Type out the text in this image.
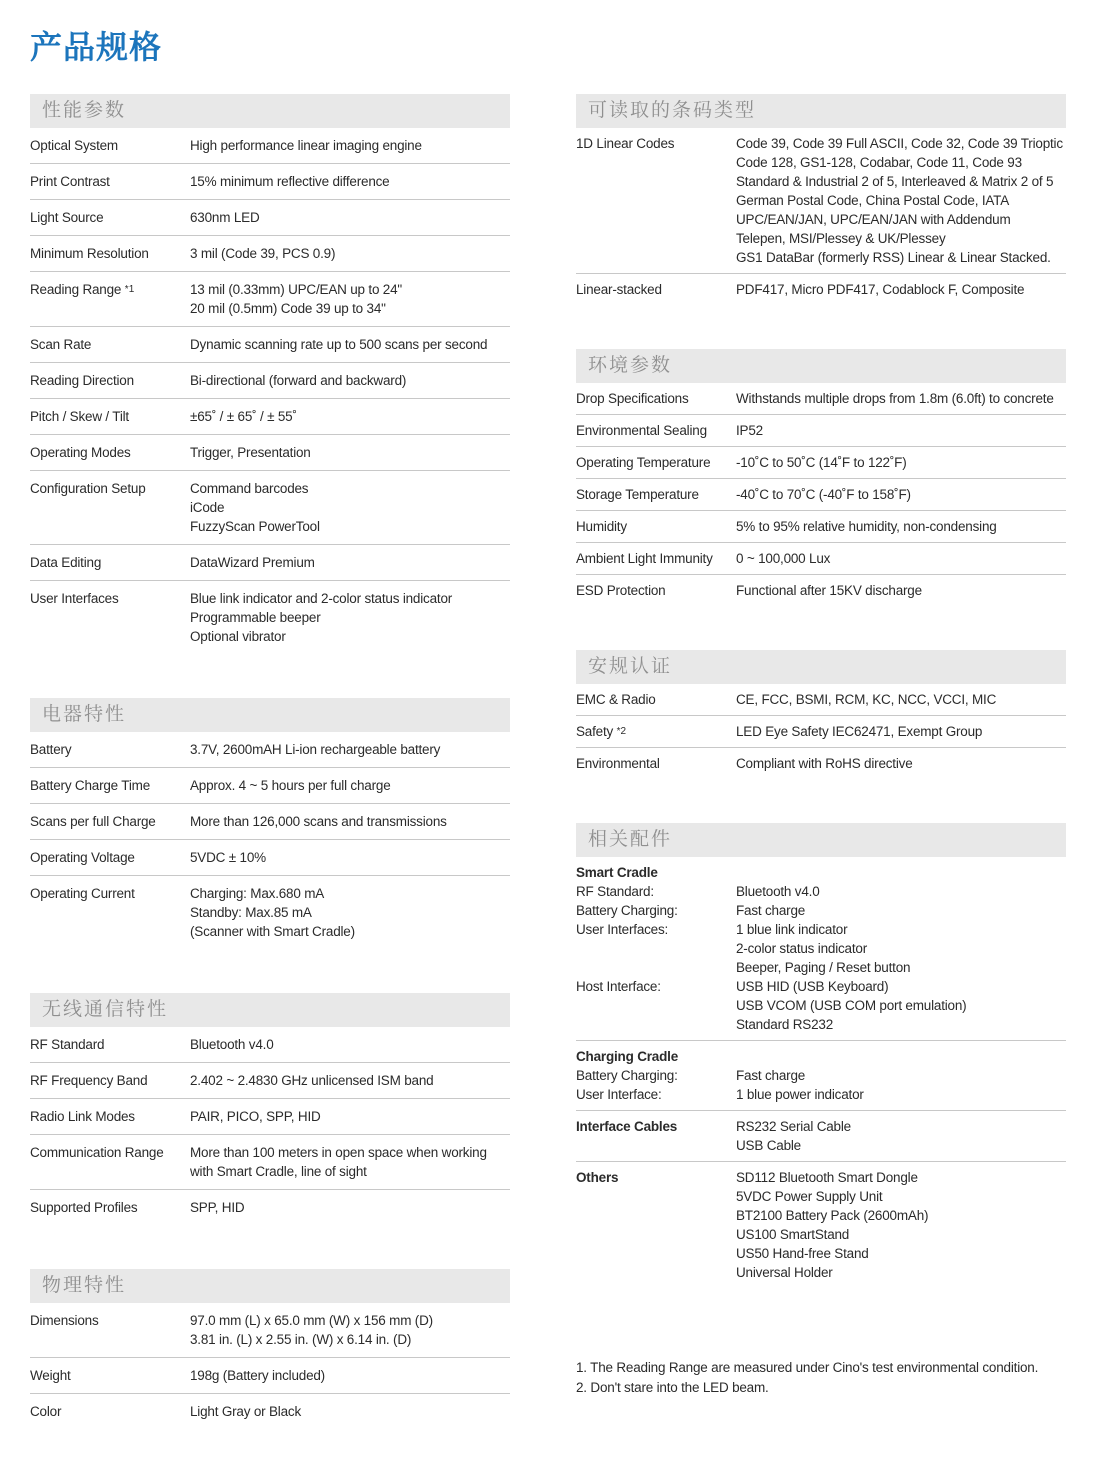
产品规格
性能参数
Optical System	High performance linear imaging engine
Print Contrast	15% minimum reflective difference
Light Source	630nm LED
Minimum Resolution	3 mil (Code 39, PCS 0.9)
Reading Range $^{*1}$	13 mil (0.33mm) UPC/EAN up to 24"
20 mil (0.5mm) Code 39 up to 34"
Scan Rate	Dynamic scanning rate up to 500 scans per second
Reading Direction	Bi-directional (forward and backward)
Pitch / Skew / Tilt	±65˚ / ± 65˚ / ± 55˚
Operating Modes	Trigger, Presentation
Configuration Setup	Command barcodes
iCode
FuzzyScan PowerTool
Data Editing	DataWizard Premium
User Interfaces	Blue link indicator and 2-color status indicator
Programmable beeper
Optional vibrator
电器特性
Battery	3.7V, 2600mAH Li-ion rechargeable battery
Battery Charge Time	Approx. 4 ~ 5 hours per full charge
Scans per full Charge	More than 126,000 scans and transmissions
Operating Voltage	5VDC ± 10%
Operating Current	Charging: Max.680 mA
Standby: Max.85 mA
(Scanner with Smart Cradle)
无线通信特性
RF Standard	Bluetooth v4.0
RF Frequency Band	2.402 ~ 2.4830 GHz unlicensed ISM band
Radio Link Modes	PAIR, PICO, SPP, HID
Communication Range	More than 100 meters in open space when working
with Smart Cradle, line of sight
Supported Profiles	SPP, HID
物理特性
Dimensions	97.0 mm (L) x 65.0 mm (W) x 156 mm (D)
3.81 in. (L) x 2.55 in. (W) x 6.14 in. (D)
Weight	198g (Battery included)
Color	Light Gray or Black
可读取的条码类型
1D Linear Codes	Code 39, Code 39 Full ASCII, Code 32, Code 39 Trioptic
Code 128, GS1-128, Codabar, Code 11, Code 93
Standard & Industrial 2 of 5, Interleaved & Matrix 2 of 5
German Postal Code, China Postal Code, IATA
UPC/EAN/JAN, UPC/EAN/JAN with Addendum
Telepen, MSI/Plessey & UK/Plessey
GS1 DataBar (formerly RSS) Linear & Linear Stacked.
Linear-stacked	PDF417, Micro PDF417, Codablock F, Composite
环境参数
Drop Specifications	Withstands multiple drops from 1.8m (6.0ft) to concrete
Environmental Sealing	IP52
Operating Temperature	-10˚C to 50˚C (14˚F to 122˚F)
Storage Temperature	-40˚C to 70˚C (-40˚F to 158˚F)
Humidity	5% to 95% relative humidity, non-condensing
Ambient Light Immunity	0 ~ 100,000 Lux
ESD Protection	Functional after 15KV discharge
安规认证
EMC & Radio	CE, FCC, BSMI, RCM, KC, NCC, VCCI, MIC
Safety $^{*2}$	LED Eye Safety IEC62471, Exempt Group
Environmental	Compliant with RoHS directive
相关配件
Smart Cradle
RF Standard:	Bluetooth v4.0
Battery Charging:	Fast charge
User Interfaces:	1 blue link indicator
2-color status indicator
Beeper, Paging / Reset button
Host Interface:	USB HID (USB Keyboard)
USB VCOM (USB COM port emulation)
Standard RS232
Charging Cradle
Battery Charging:	Fast charge
User Interface:	1 blue power indicator
Interface Cables	RS232 Serial Cable
USB Cable
Others	SD112 Bluetooth Smart Dongle
5VDC Power Supply Unit
BT2100 Battery Pack (2600mAh)
US100 SmartStand
US50 Hand-free Stand
Universal Holder
1. The Reading Range are measured under Cino's test environmental condition.
2. Don't stare into the LED beam.
